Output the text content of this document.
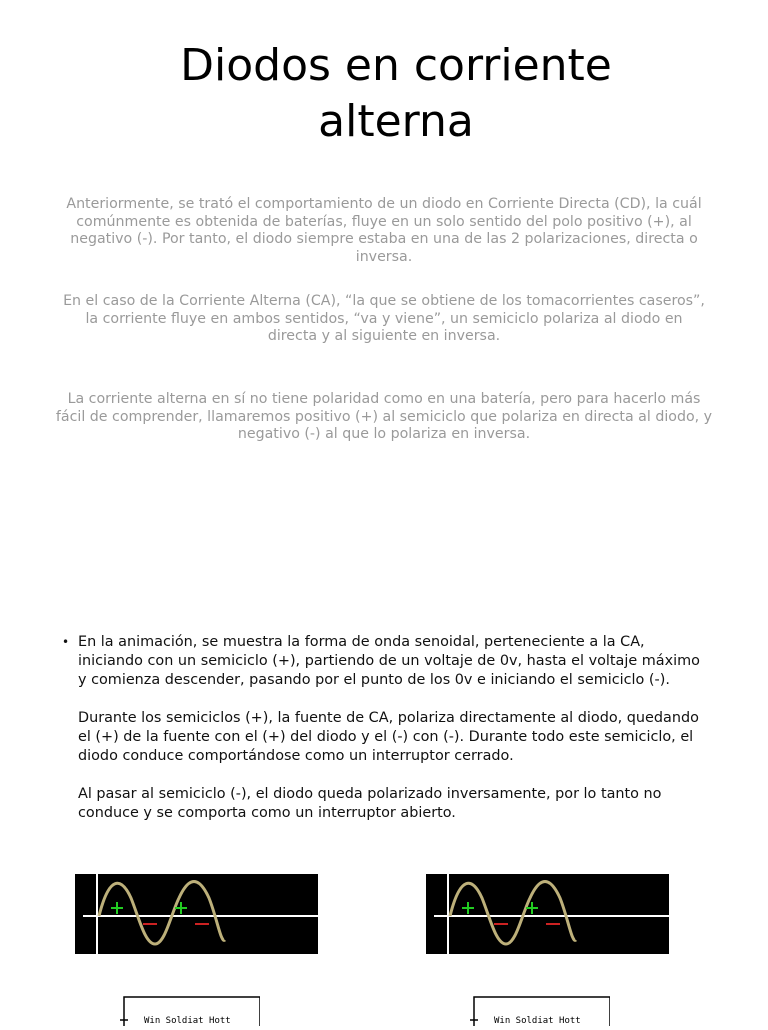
Diodos en corriente
alterna

Anteriormente, se trató el comportamiento de un diodo en Corriente Directa (CD), la cuál comúnmente es obtenida de baterías, fluye en un solo sentido del polo positivo (+), al negativo (-). Por tanto, el diodo siempre estaba en una de las 2 polarizaciones, directa o inversa.

En el caso de la Corriente Alterna (CA), “la que se obtiene de los tomacorrientes caseros”, la corriente fluye en ambos sentidos, “va y viene”, un semiciclo polariza al diodo en directa y al siguiente en inversa.

La corriente alterna en sí no tiene polaridad como en una batería, pero para hacerlo más fácil de comprender, llamaremos positivo (+) al semiciclo que polariza en directa al diodo, y negativo (-) al que lo polariza en inversa.

• En la animación, se muestra la forma de onda senoidal, perteneciente a la CA, iniciando con un semiciclo (+), partiendo de un voltaje de 0v, hasta el voltaje máximo y comienza descender, pasando por el punto de los 0v e iniciando el semiciclo (-).

Durante los semiciclos (+), la fuente de CA, polariza directamente al diodo, quedando el (+) de la fuente con el (+) del diodo y el (-) con (-). Durante todo este semiciclo, el diodo conduce comportándose como un interruptor cerrado.

Al pasar al semiciclo (-), el diodo queda polarizado inversamente, por lo tanto no conduce y se comporta como un interruptor abierto.

Win Soldiat Hott	Win Soldiat Hott
